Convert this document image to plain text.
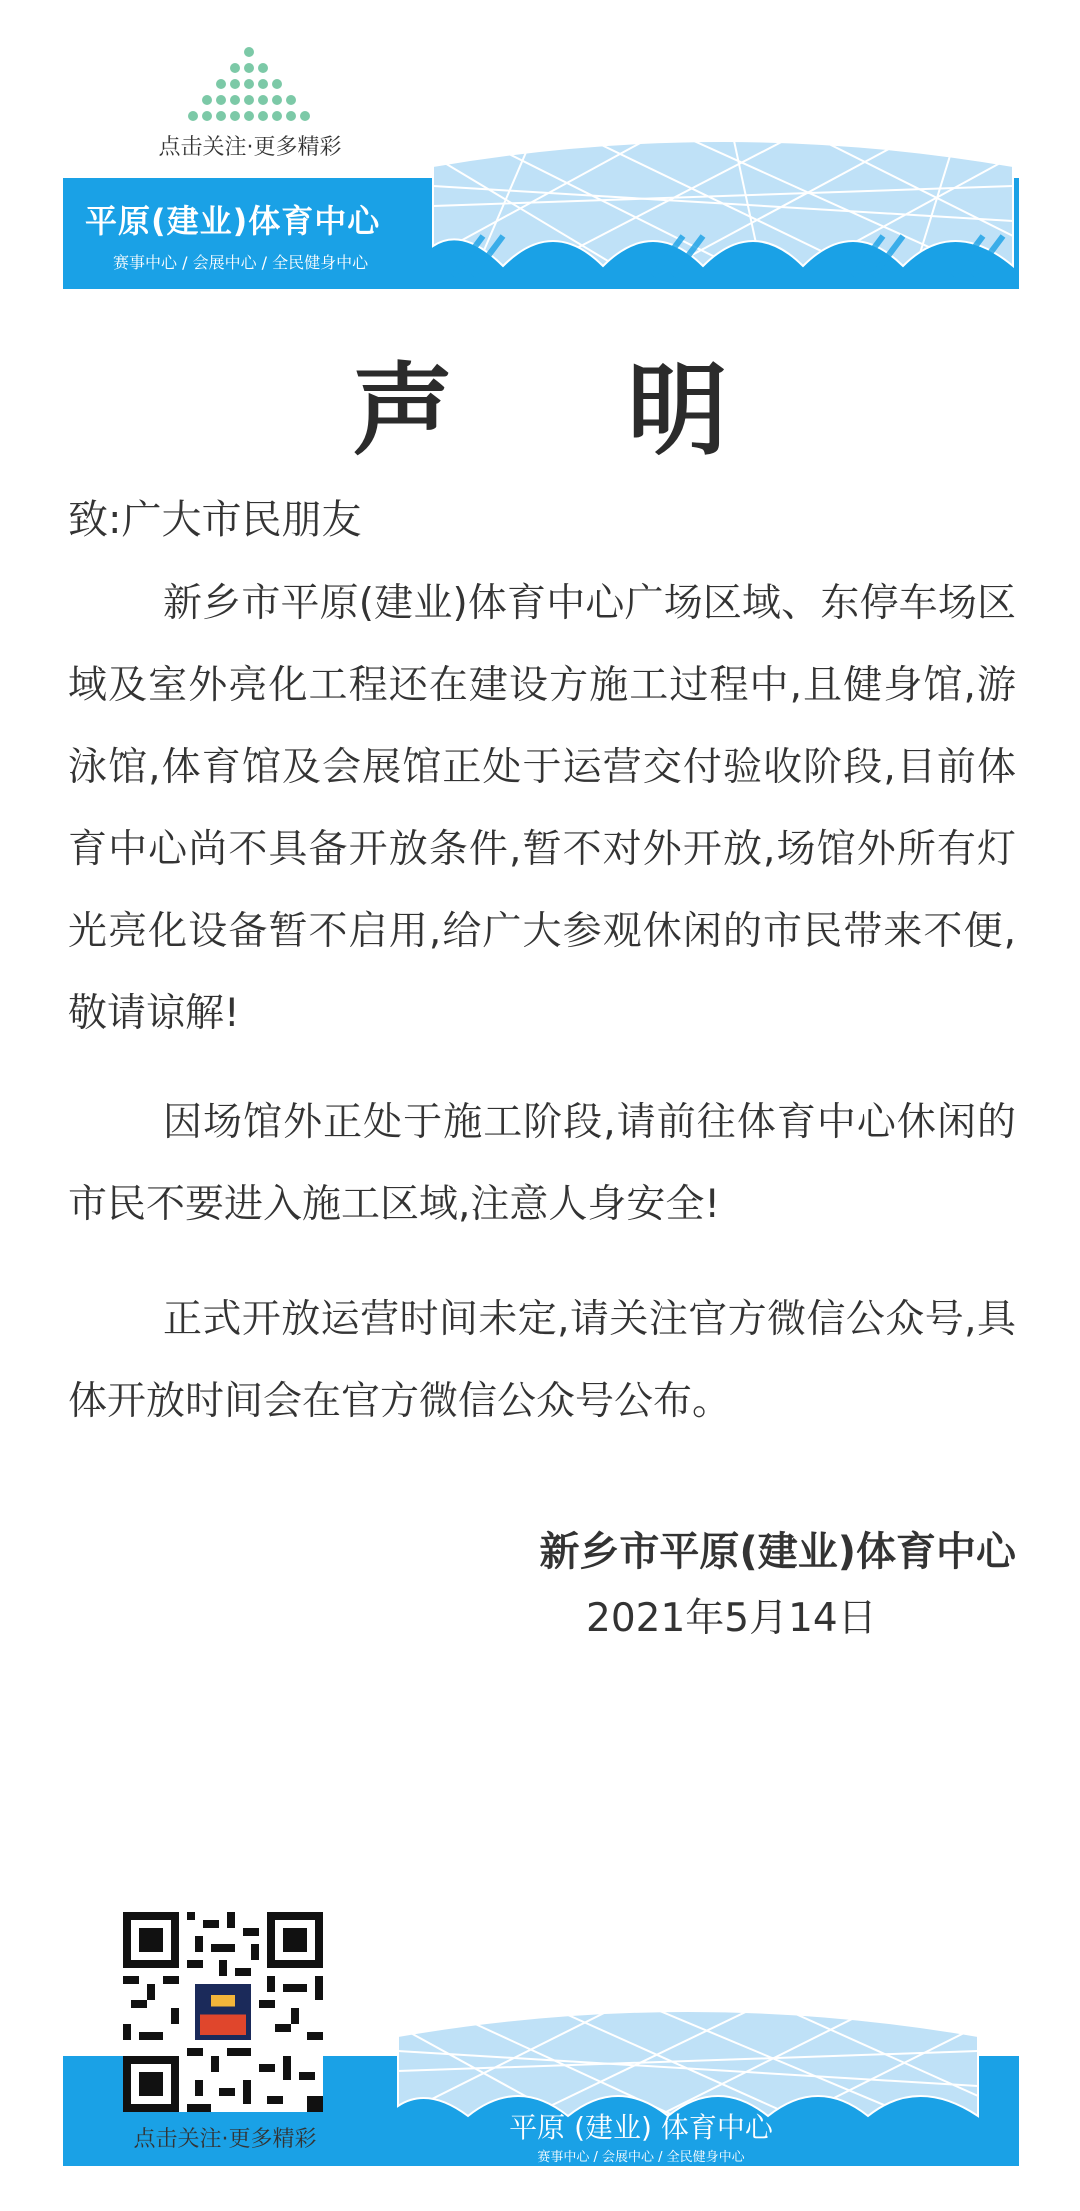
点击关注·更多精彩
平原(建业)体育中心
赛事中心 / 会展中心 / 全民健身中心
声 明
致:广大市民朋友
新乡市平原(建业)体育中心广场区域、东停车场区域及室外亮化工程还在建设方施工过程中,且健身馆,游泳馆,体育馆及会展馆正处于运营交付验收阶段,目前体育中心尚不具备开放条件,暂不对外开放,场馆外所有灯光亮化设备暂不启用,给广大参观休闲的市民带来不便,敬请谅解!
因场馆外正处于施工阶段,请前往体育中心休闲的市民不要进入施工区域,注意人身安全!
正式开放运营时间未定,请关注官方微信公众号,具体开放时间会在官方微信公众号公布。
新乡市平原(建业)体育中心
2021年5月14日
平原 (建业) 体育中心
赛事中心 / 会展中心 / 全民健身中心
点击关注·更多精彩
